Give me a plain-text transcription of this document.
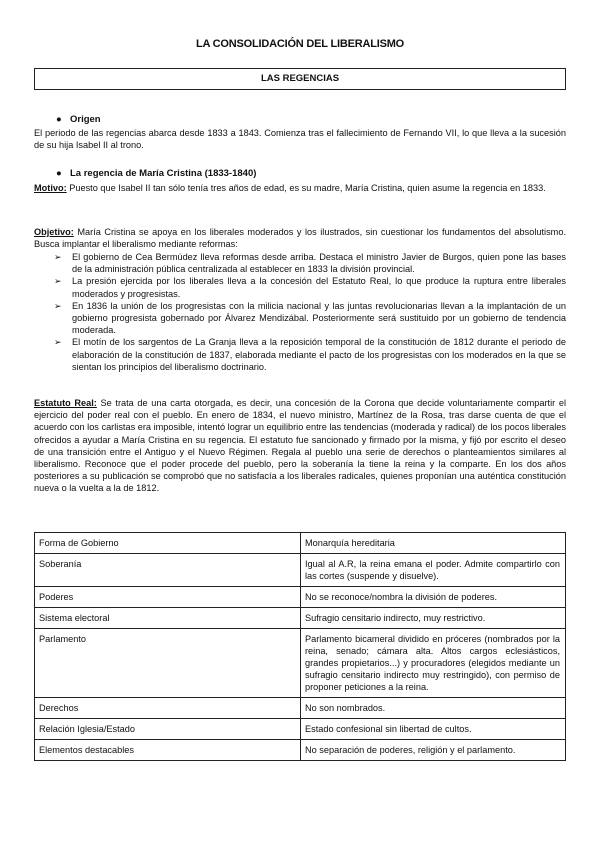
LA CONSOLIDACIÓN DEL LIBERALISMO
LAS REGENCIAS
● Origen
El periodo de las regencias abarca desde 1833 a 1843. Comienza tras el fallecimiento de Fernando VII, lo que lleva a la sucesión de su hija Isabel II al trono.
● La regencia de María Cristina (1833-1840)
Motivo: Puesto que Isabel II tan sólo tenía tres años de edad, es su madre, María Cristina, quien asume la regencia en 1833.
Objetivo: María Cristina se apoya en los liberales moderados y los ilustrados, sin cuestionar los fundamentos del absolutismo. Busca implantar el liberalismo mediante reformas:
➢ El gobierno de Cea Bermúdez lleva reformas desde arriba. Destaca el ministro Javier de Burgos, quien pone las bases de la administración pública centralizada al establecer en 1833 la división provincial.
➢ La presión ejercida por los liberales lleva a la concesión del Estatuto Real, lo que produce la ruptura entre liberales moderados y progresistas.
➢ En 1836 la unión de los progresistas con la milicia nacional y las juntas revolucionarias llevan a la implantación de un gobierno progresista gobernado por Álvarez Mendizábal. Posteriormente será sustituido por un gobierno de tendencia moderada.
➢ El motín de los sargentos de La Granja lleva a la reposición temporal de la constitución de 1812 durante el periodo de elaboración de la constitución de 1837, elaborada mediante el pacto de los progresistas con los moderados en la que se sientan los principios del liberalismo doctrinario.
Estatuto Real: Se trata de una carta otorgada, es decir, una concesión de la Corona que decide voluntariamente compartir el ejercicio del poder real con el pueblo. En enero de 1834, el nuevo ministro, Martínez de la Rosa, tras darse cuenta de que el acuerdo con los carlistas era imposible, intentó lograr un equilibrio entre las tendencias (moderada y radical) de los pocos liberales ofrecidos a ayudar a María Cristina en su regencia. El estatuto fue sancionado y firmado por la misma, y fijó por escrito el deseo de una transición entre el Antiguo y el Nuevo Régimen. Regala al pueblo una serie de derechos o planteamientos similares al liberalismo. Reconoce que el poder procede del pueblo, pero la soberanía la tiene la reina y la comparte. En los dos años posteriores a su publicación se comprobó que no satisfacía a los liberales radicales, quienes proponían una auténtica constitución nueva o la vuelta a la de 1812.
Forma de Gobierno	Monarquía hereditaria
Soberanía	Igual al A.R, la reina emana el poder. Admite compartirlo con las cortes (suspende y disuelve).
Poderes	No se reconoce/nombra la división de poderes.
Sistema electoral	Sufragio censitario indirecto, muy restrictivo.
Parlamento	Parlamento bicameral dividido en próceres (nombrados por la reina, senado; cámara alta. Altos cargos eclesiásticos, grandes propietarios...) y procuradores (elegidos mediante un sufragio censitario indirecto muy restringido), con permiso de proponer peticiones a la reina.
Derechos	No son nombrados.
Relación Iglesia/Estado	Estado confesional sin libertad de cultos.
Elementos destacables	No separación de poderes, religión y el parlamento.
